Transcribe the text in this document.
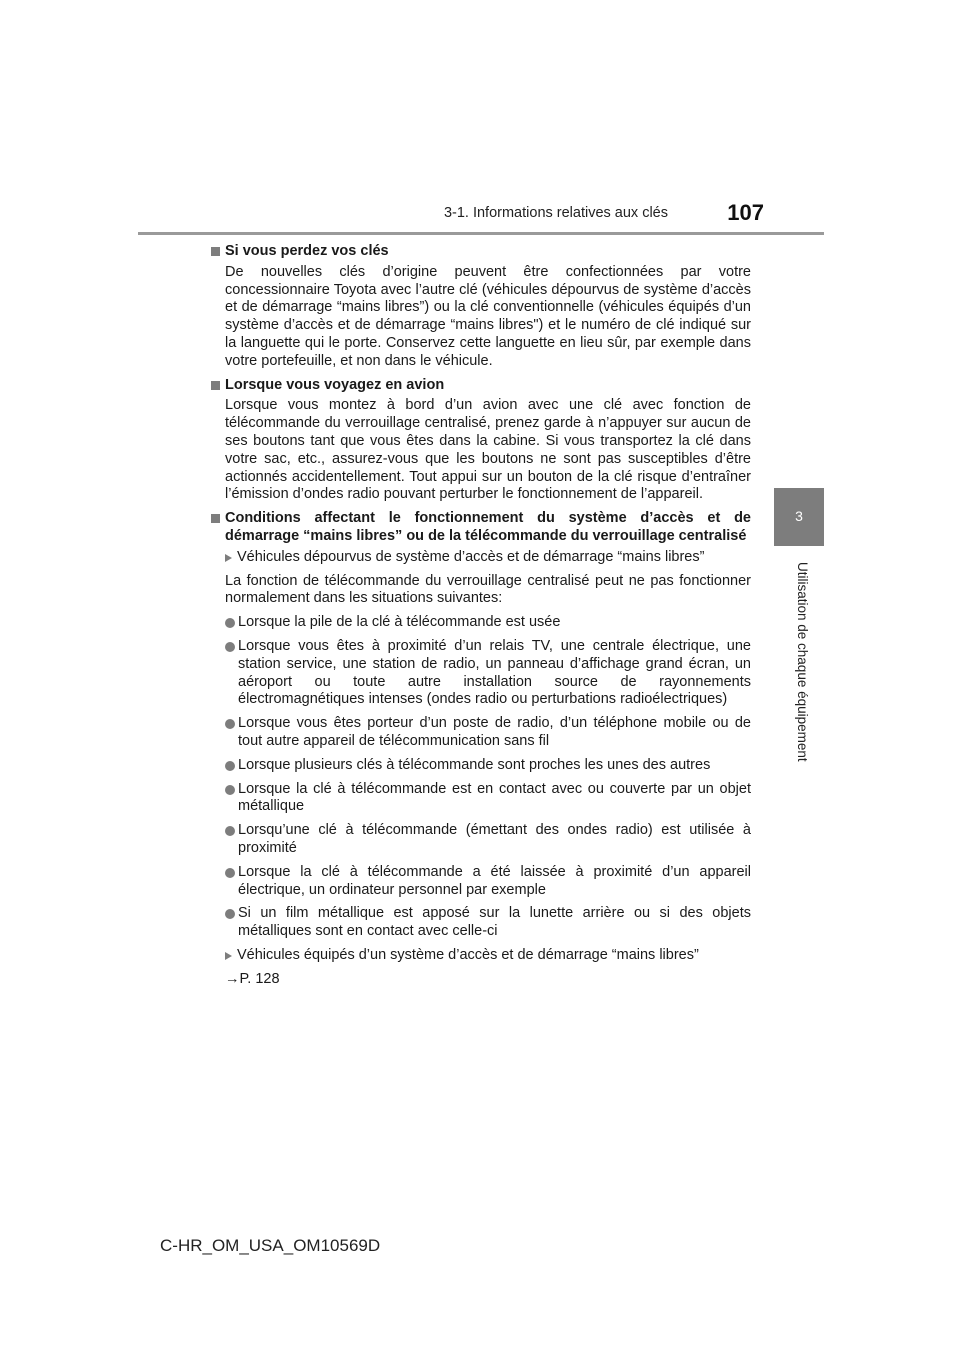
3-1. Informations relatives aux clés	107
3
Utilisation de chaque équipement
Si vous perdez vos clés
De nouvelles clés d’origine peuvent être confectionnées par votre concessionnaire Toyota avec l’autre clé (véhicules dépourvus de système d’accès et de démarrage “mains libres”) ou la clé conventionnelle (véhicules équipés d’un système d’accès et de démarrage “mains libres") et le numéro de clé indiqué sur la languette qui le porte. Conservez cette languette en lieu sûr, par exemple dans votre portefeuille, et non dans le véhicule.
Lorsque vous voyagez en avion
Lorsque vous montez à bord d’un avion avec une clé avec fonction de télécommande du verrouillage centralisé, prenez garde à n’appuyer sur aucun de ses boutons tant que vous êtes dans la cabine. Si vous transportez la clé dans votre sac, etc., assurez-vous que les boutons ne sont pas susceptibles d’être actionnés accidentellement. Tout appui sur un bouton de la clé risque d’entraîner l’émission d’ondes radio pouvant perturber le fonctionnement de l’appareil.
Conditions affectant le fonctionnement du système d’accès et de démarrage “mains libres” ou de la télécommande du verrouillage centralisé
Véhicules dépourvus de système d’accès et de démarrage “mains libres”
La fonction de télécommande du verrouillage centralisé peut ne pas fonctionner normalement dans les situations suivantes:
Lorsque la pile de la clé à télécommande est usée
Lorsque vous êtes à proximité d’un relais TV, une centrale électrique, une station service, une station de radio, un panneau d’affichage grand écran, un aéroport ou toute autre installation source de rayonnements électromagnétiques intenses (ondes radio ou perturbations radioélectriques)
Lorsque vous êtes porteur d’un poste de radio, d’un téléphone mobile ou de tout autre appareil de télécommunication sans fil
Lorsque plusieurs clés à télécommande sont proches les unes des autres
Lorsque la clé à télécommande est en contact avec ou couverte par un objet métallique
Lorsqu’une clé à télécommande (émettant des ondes radio) est utilisée à proximité
Lorsque la clé à télécommande a été laissée à proximité d’un appareil électrique, un ordinateur personnel par exemple
Si un film métallique est apposé sur la lunette arrière ou si des objets métalliques sont en contact avec celle-ci
Véhicules équipés d’un système d’accès et de démarrage “mains libres”
→P. 128
C-HR_OM_USA_OM10569D
